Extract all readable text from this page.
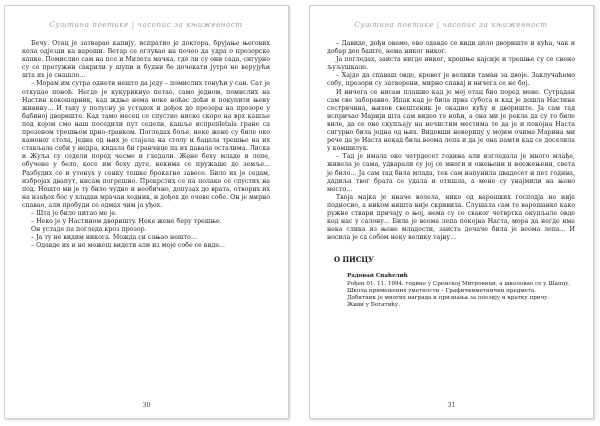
Суштина поетике | часопис за књижевност

Бечу. Отац је затварао капију, испратио је доктора, брујање његових кола одјезди ка вароши. Ветар се оглувао на почео да удра о прозорске капке. Помислио сам на псе и Милета мачка, где ли су они сада, сигурно су се претужни сакрили у шупи и будни бе дочекати јутро не верујући шта их је снашло...

– Морам им сутра однети нешто да једу – помислих тонући у сан. Сат је откуцао поноћ. Негде је кукурикнуо петао, само једном, помислих на Настин кокошарник, кад ждње нема ноке ноћас доћи и покупити њену живину... И таку у полусну ја устадох и дођох до прозора на прозоре у бабиној двориште. Кад тамо месец се спустио ниско скоро на врх кашље под којом смо наш поседили пут седели, кашље испрепletala гране са прозеном трешњом црно-травком. Погледах боље, неке жене су биле око каменог стола, једна од њих је стајала на столу и бацала трешње на их стављала себи у недра, кидала би гранчице па их давала осталима. Лиска и Жуља су седели поред чесме и гледали. Жене беху младе и лепе, обучене у бело, косе им беху дуге, некима се пружаше до земље... Разбудих се и утонух у сенку тешке брокатне завесе. Било их је седам, избројах двапут, нисам погрешио. Прекрстих се па полако се спустих на под. Нешто ми је ту било чудно и необично, допузах до врата, отворих их на изађох бос у хладан мрачан ходник, и дођох до очеве собе. Он је мирно спавао, али пробуди се одмах чим ја уђох.

– Шта је било питао ме је.

– Неко је у Настином двориштy. Неке жене беру трешње.

Он устаде па поглeда кроз прозор.

– Ја ту не видим никога. Можда си сањао нешто...

– Одавде их и не можеш видети али из моје собе се виде...

30
Суштина поетике | часопис за књижевност

– Давиде, дођи овамо, ево одавде се види цело двориште и кућа, чак и добар део баште, нема никог никог.

Ја погледах, заиста нигде никог, крошње кајсије и трешње су се снено љуљушкале.

– Хајде да спаваш овде, кревет је велики таман за двоје. Заклучаћемо собу, прозори су затворени, мирно спавај и ничега се не бој.

И ничега се нисам плашио кад је мој отац био поред мене. Сутрадан сам све заборавио. Ипак кад је била прва субота и кад је дошла Настина сестричина, њихов свештеник је окадио кућу и двориште. Ја сам тад испричао Марији шта сам видео те ноћи, а она ми је рекла да су то биле виле, да се оне скупљају на нечистим местима те да је и покојна Наста сигурно била једна од њих. Видевши неверицу у мојим очима Марина ми рече да је Наста некад била веома лепа и да је она памти кад се доселила у комшилук.

– Тад је имала око четрдесет година али изгледала је много млађе, живела је сама, удварали су јој се многи и ожењени и неожењени, света је било... Ја сам тад била млада, тек сам напунила двадесет и пет година, дадиља твог брата сe удала и отишла, а мене су унајмили на њено место...

Твоја мајка је иначе волела, нико од варошких господја не није подносио, а ником ништа није скривила. Слушала сам те варошанке како ружне ствари причају о њој, нема су се сваког четвртка окупљале овде код нас у салону... Била је веома лепа покојна Наста, мора да негде има нека слика из њене младости, заиста дечаче била је веома лепа... И носила је са собом неку велику тајну...

О ПИСЦУ
Радован Спаћелић
Рођен 01. 11. 1994. године у Сремској Митровици, а школовао се у Шапцу, Школа примењених уметности – Графичкиметнички предмета.
Добитник је многих награда и признања за поезију и кратку причу.
Живи у Богатићу.
31
